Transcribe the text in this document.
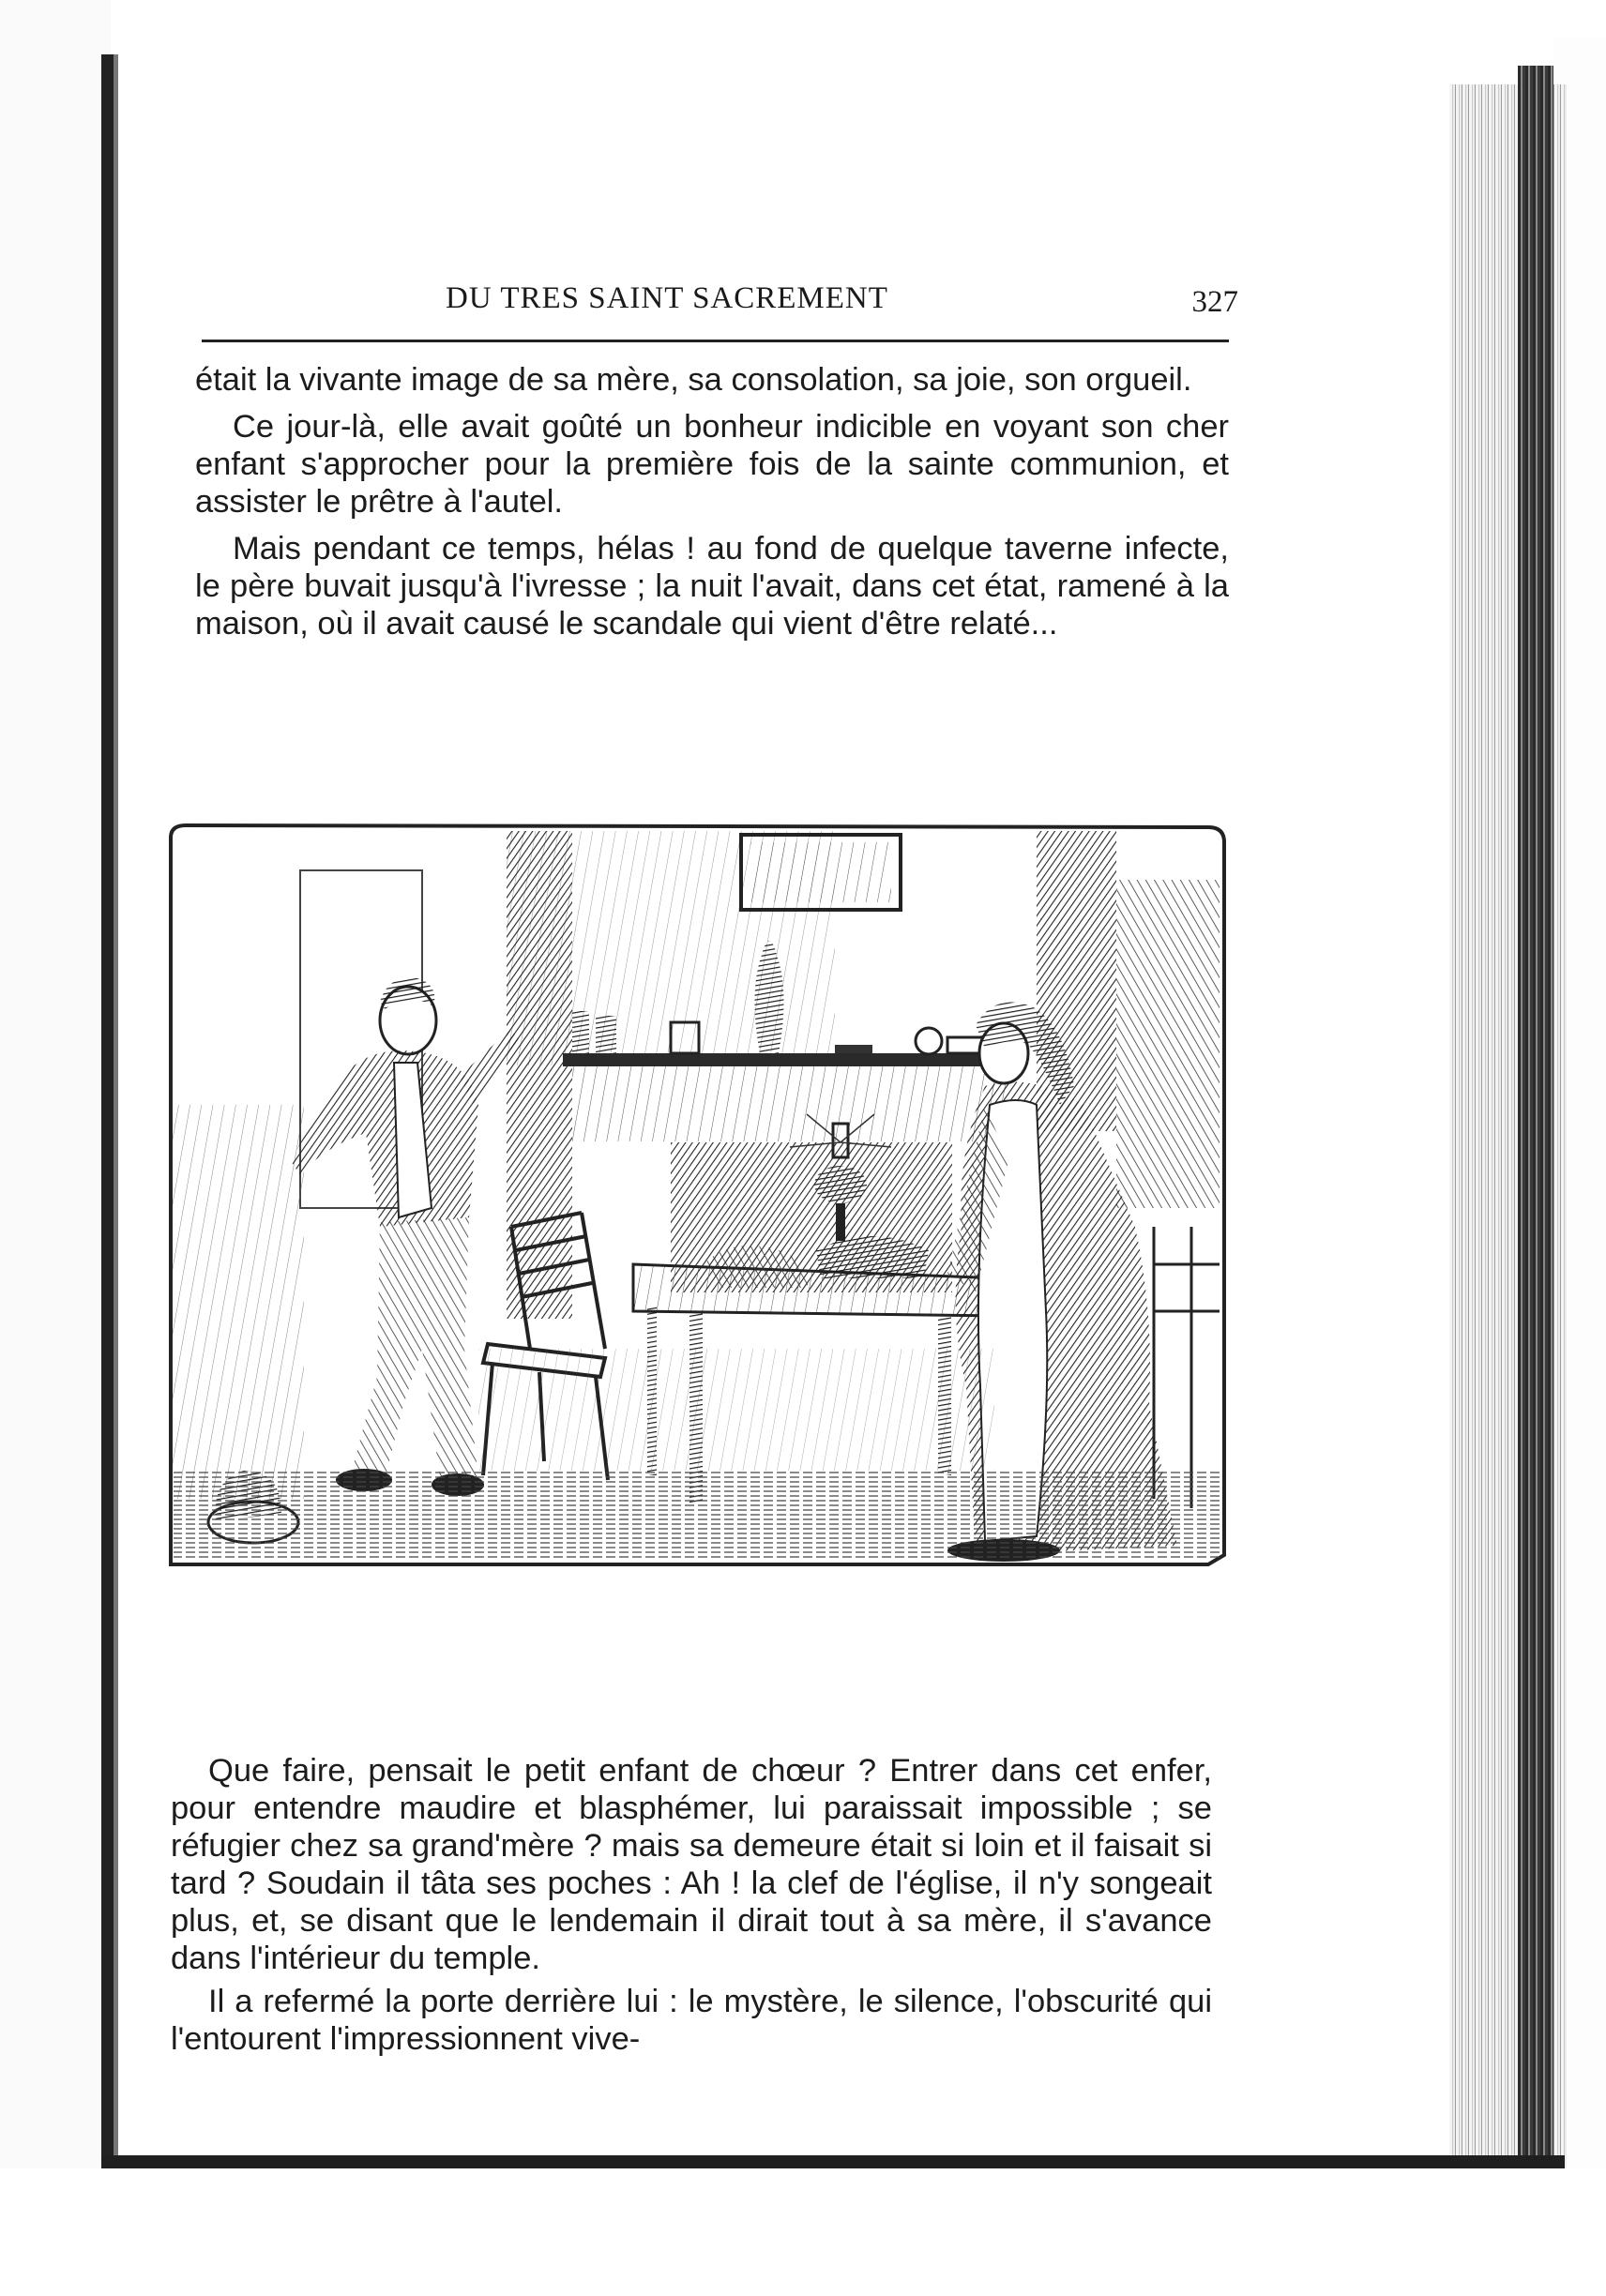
DU TRES SAINT SACREMENT	327

était la vivante image de sa mère, sa consolation, sa joie, son orgueil.

Ce jour-là, elle avait goûté un bonheur indicible en voyant son cher enfant s'approcher pour la première fois de la sainte communion, et assister le prêtre à l'autel.

Mais pendant ce temps, hélas ! au fond de quelque taverne infecte, le père buvait jusqu'à l'ivresse ; la nuit l'avait, dans cet état, ramené à la maison, où il avait causé le scandale qui vient d'être relaté...

Que faire, pensait le petit enfant de chœur ? Entrer dans cet enfer, pour entendre maudire et blasphémer, lui paraissait impossible ; se réfugier chez sa grand'mère ? mais sa demeure était si loin et il faisait si tard ? Soudain il tâta ses poches : Ah ! la clef de l'église, il n'y songeait plus, et, se disant que le lendemain il dirait tout à sa mère, il s'avance dans l'intérieur du temple.

Il a refermé la porte derrière lui : le mystère, le silence, l'obscurité qui l'entourent l'impressionnent vive-
